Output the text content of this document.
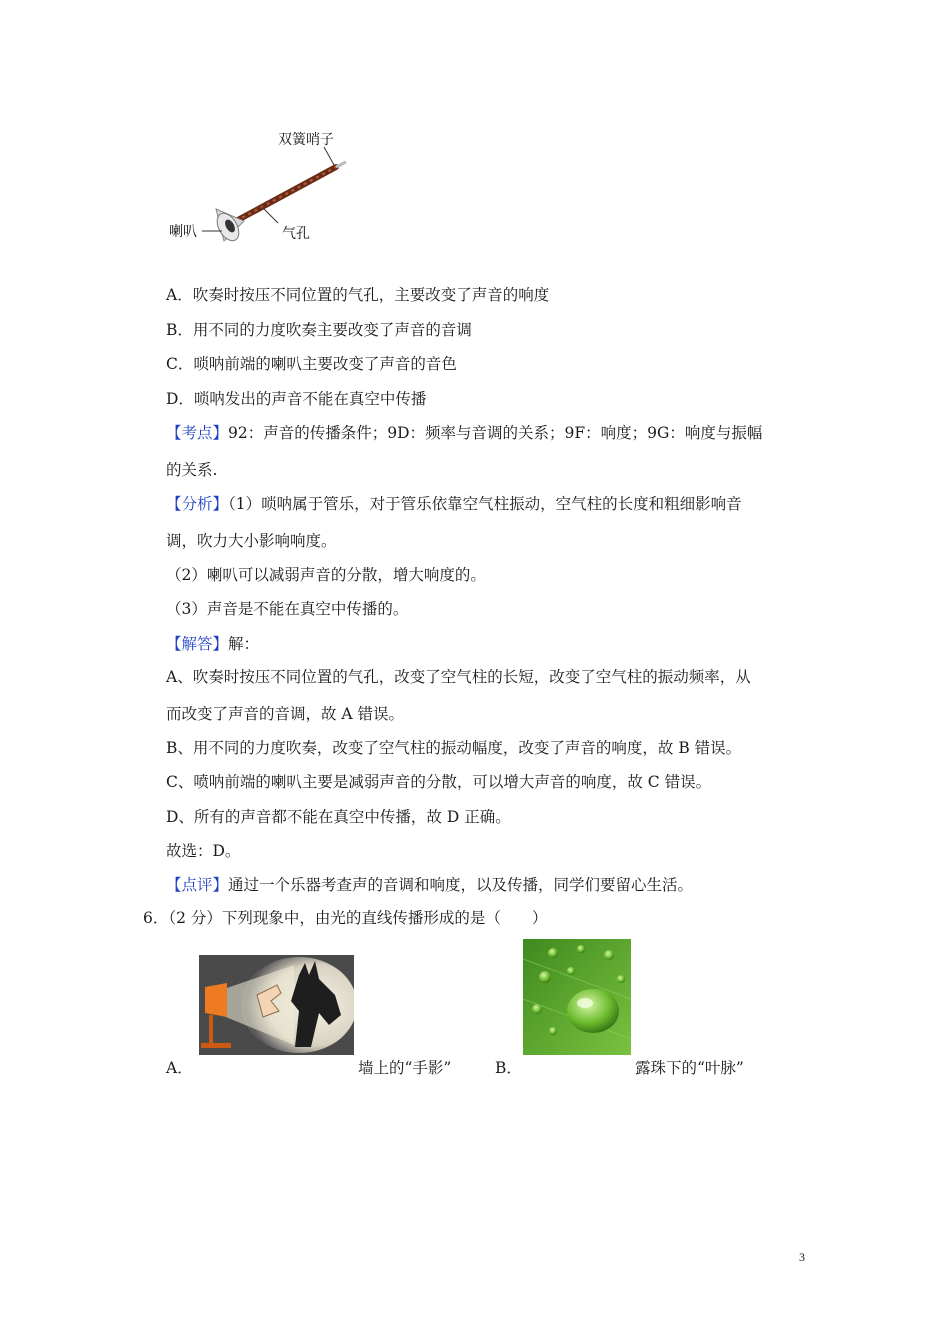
双簧哨子
喇叭	气孔
A．吹奏时按压不同位置的气孔，主要改变了声音的响度
B．用不同的力度吹奏主要改变了声音的音调
C．唢呐前端的喇叭主要改变了声音的音色
D．唢呐发出的声音不能在真空中传播
【考点】92：声音的传播条件；9D：频率与音调的关系；9F：响度；9G：响度与振幅
的关系.
【分析】（1）唢呐属于管乐，对于管乐依靠空气柱振动，空气柱的长度和粗细影响音
调，吹力大小影响响度。
（2）喇叭可以减弱声音的分散，增大响度的。
（3）声音是不能在真空中传播的。
【解答】解：
A、吹奏时按压不同位置的气孔，改变了空气柱的长短，改变了空气柱的振动频率，从
而改变了声音的音调，故 A 错误。
B、用不同的力度吹奏，改变了空气柱的振动幅度，改变了声音的响度，故 B 错误。
C、喷呐前端的喇叭主要是减弱声音的分散，可以增大声音的响度，故 C 错误。
D、所有的声音都不能在真空中传播，故 D 正确。
故选：D。
【点评】通过一个乐器考查声的音调和响度，以及传播，同学们要留心生活。
6．（2 分）下列现象中，由光的直线传播形成的是（　　）
A．	墙上的“手影”	B．	露珠下的“叶脉”
3
